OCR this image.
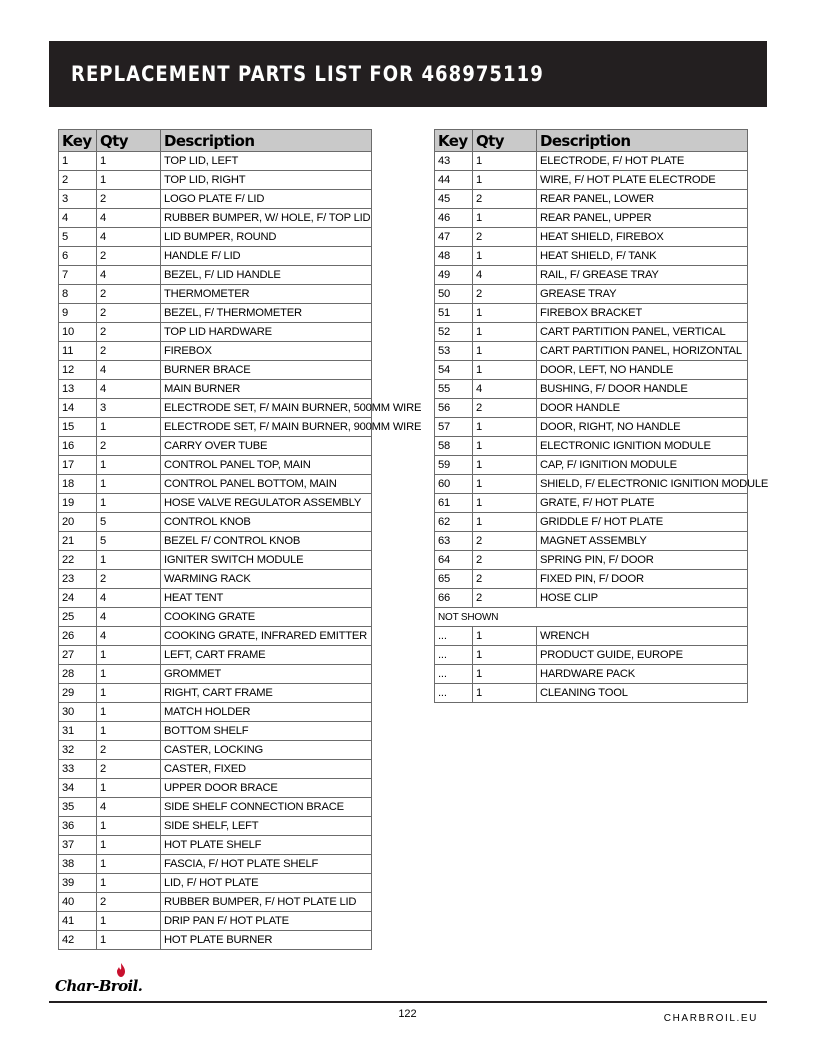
REPLACEMENT PARTS LIST FOR 468975119
Key	Qty	Description
1	1	TOP LID, LEFT
2	1	TOP LID, RIGHT
3	2	LOGO PLATE F/ LID
4	4	RUBBER BUMPER, W/ HOLE, F/ TOP LID
5	4	LID BUMPER, ROUND
6	2	HANDLE F/ LID
7	4	BEZEL, F/ LID HANDLE
8	2	THERMOMETER
9	2	BEZEL, F/ THERMOMETER
10	2	TOP LID HARDWARE
11	2	FIREBOX
12	4	BURNER BRACE
13	4	MAIN BURNER
14	3	ELECTRODE SET, F/ MAIN BURNER, 500MM WIRE
15	1	ELECTRODE SET, F/ MAIN BURNER, 900MM WIRE
16	2	CARRY OVER TUBE
17	1	CONTROL PANEL TOP, MAIN
18	1	CONTROL PANEL BOTTOM, MAIN
19	1	HOSE VALVE REGULATOR ASSEMBLY
20	5	CONTROL KNOB
21	5	BEZEL F/ CONTROL KNOB
22	1	IGNITER SWITCH MODULE
23	2	WARMING RACK
24	4	HEAT TENT
25	4	COOKING GRATE
26	4	COOKING GRATE, INFRARED EMITTER
27	1	LEFT, CART FRAME
28	1	GROMMET
29	1	RIGHT, CART FRAME
30	1	MATCH HOLDER
31	1	BOTTOM SHELF
32	2	CASTER, LOCKING
33	2	CASTER, FIXED
34	1	UPPER DOOR BRACE
35	4	SIDE SHELF CONNECTION BRACE
36	1	SIDE SHELF, LEFT
37	1	HOT PLATE SHELF
38	1	FASCIA, F/ HOT PLATE SHELF
39	1	LID, F/ HOT PLATE
40	2	RUBBER BUMPER, F/ HOT PLATE LID
41	1	DRIP PAN F/ HOT PLATE
42	1	HOT PLATE BURNER
Key	Qty	Description
43	1	ELECTRODE, F/ HOT PLATE
44	1	WIRE, F/ HOT PLATE ELECTRODE
45	2	REAR PANEL, LOWER
46	1	REAR PANEL, UPPER
47	2	HEAT SHIELD, FIREBOX
48	1	HEAT SHIELD, F/ TANK
49	4	RAIL, F/ GREASE TRAY
50	2	GREASE TRAY
51	1	FIREBOX BRACKET
52	1	CART PARTITION PANEL, VERTICAL
53	1	CART PARTITION PANEL, HORIZONTAL
54	1	DOOR, LEFT, NO HANDLE
55	4	BUSHING, F/ DOOR HANDLE
56	2	DOOR HANDLE
57	1	DOOR, RIGHT, NO HANDLE
58	1	ELECTRONIC IGNITION MODULE
59	1	CAP, F/ IGNITION MODULE
60	1	SHIELD, F/ ELECTRONIC IGNITION MODULE
61	1	GRATE, F/ HOT PLATE
62	1	GRIDDLE F/ HOT PLATE
63	2	MAGNET ASSEMBLY
64	2	SPRING PIN, F/ DOOR
65	2	FIXED PIN, F/ DOOR
66	2	HOSE CLIP
NOT SHOWN		
...	1	WRENCH
...	1	PRODUCT GUIDE, EUROPE
...	1	HARDWARE PACK
...	1	CLEANING TOOL
Char-Broil.
122	CHARBROIL.EU
